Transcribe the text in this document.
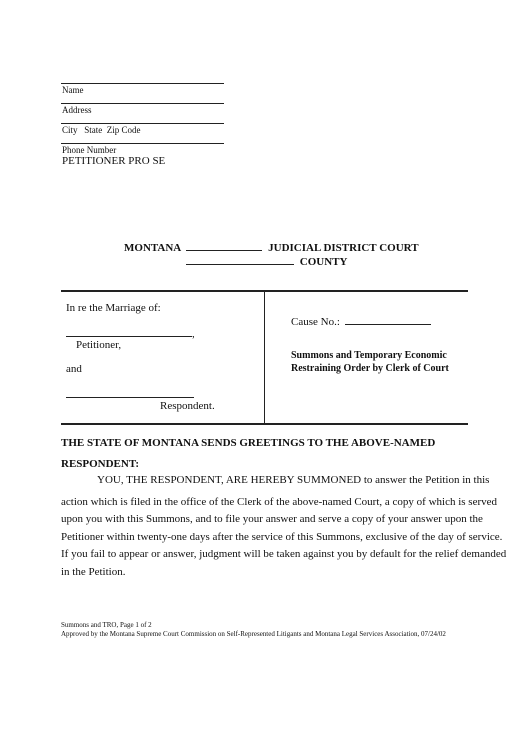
Name
Address
City   State  Zip Code
Phone Number
PETITIONER PRO SE
MONTANA	JUDICIAL DISTRICT COURT
COUNTY
In re the Marriage of:
,
Petitioner,
and
Respondent.
Cause No.:
Summons and Temporary Economic
Restraining Order by Clerk of Court
THE STATE OF MONTANA SENDS GREETINGS TO THE ABOVE-NAMED
RESPONDENT:
YOU, THE RESPONDENT, ARE HEREBY SUMMONED to answer the Petition in this
action which is filed in the office of the Clerk of the above-named Court, a copy of which is served
upon you with this Summons, and to file your answer and serve a copy of your answer upon the
Petitioner within twenty-one days after the service of this Summons, exclusive of the day of service.
If you fail to appear or answer, judgment will be taken against you by default for the relief demanded
in the Petition.
Summons and TRO, Page 1 of 2
Approved by the Montana Supreme Court Commission on Self-Represented Litigants and Montana Legal Services Association, 07/24/02
